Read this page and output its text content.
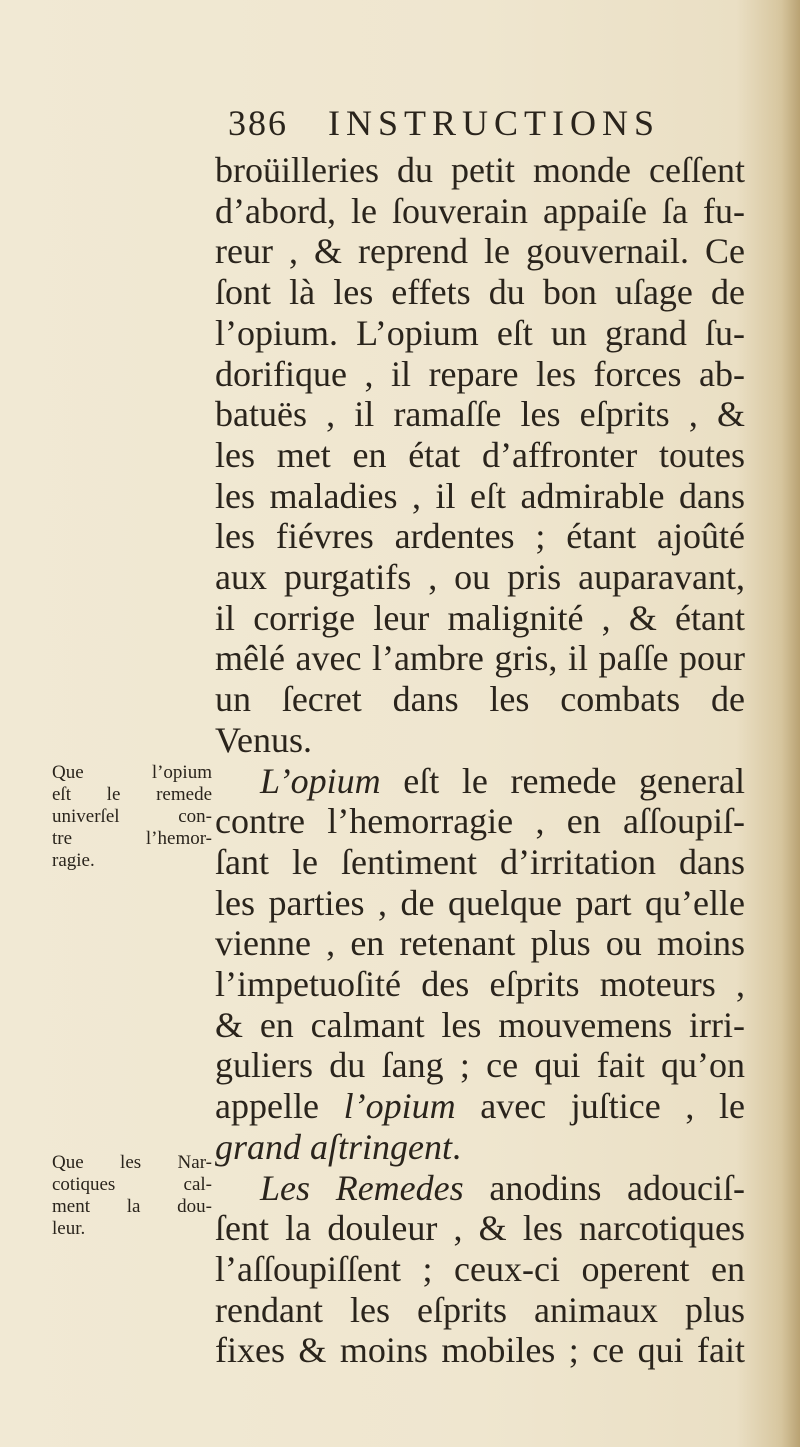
386 INSTRUCTIONS
broüilleries du petit monde ceſſent
d’abord, le ſouverain appaiſe ſa fu-
reur , & reprend le gouvernail. Ce
ſont là les effets du bon uſage de
l’opium. L’opium eſt un grand ſu-
dorifique , il repare les forces ab-
batuës , il ramaſſe les eſprits , &
les met en état d’affronter toutes
les maladies , il eſt admirable dans
les fiévres ardentes ; étant ajoûté
aux purgatifs , ou pris auparavant,
il corrige leur malignité , & étant
mêlé avec l’ambre gris, il paſſe pour
un ſecret dans les combats de
Venus.
L’opium eſt le remede general
contre l’hemorragie , en aſſoupiſ-
ſant le ſentiment d’irritation dans
les parties , de quelque part qu’elle
vienne , en retenant plus ou moins
l’impetuoſité des eſprits moteurs ,
& en calmant les mouvemens irri-
guliers du ſang ; ce qui fait qu’on
appelle l’opium avec juſtice , le
grand aſtringent.
Les Remedes anodins adouciſ-
ſent la douleur , & les narcotiques
l’aſſoupiſſent ; ceux-ci operent en
rendant les eſprits animaux plus
fixes & moins mobiles ; ce qui fait
Que l’opium
eſt le remede
univerſel con-
tre l’hemor-
ragie.
Que les Nar-
cotiques cal-
ment la dou-
leur.
